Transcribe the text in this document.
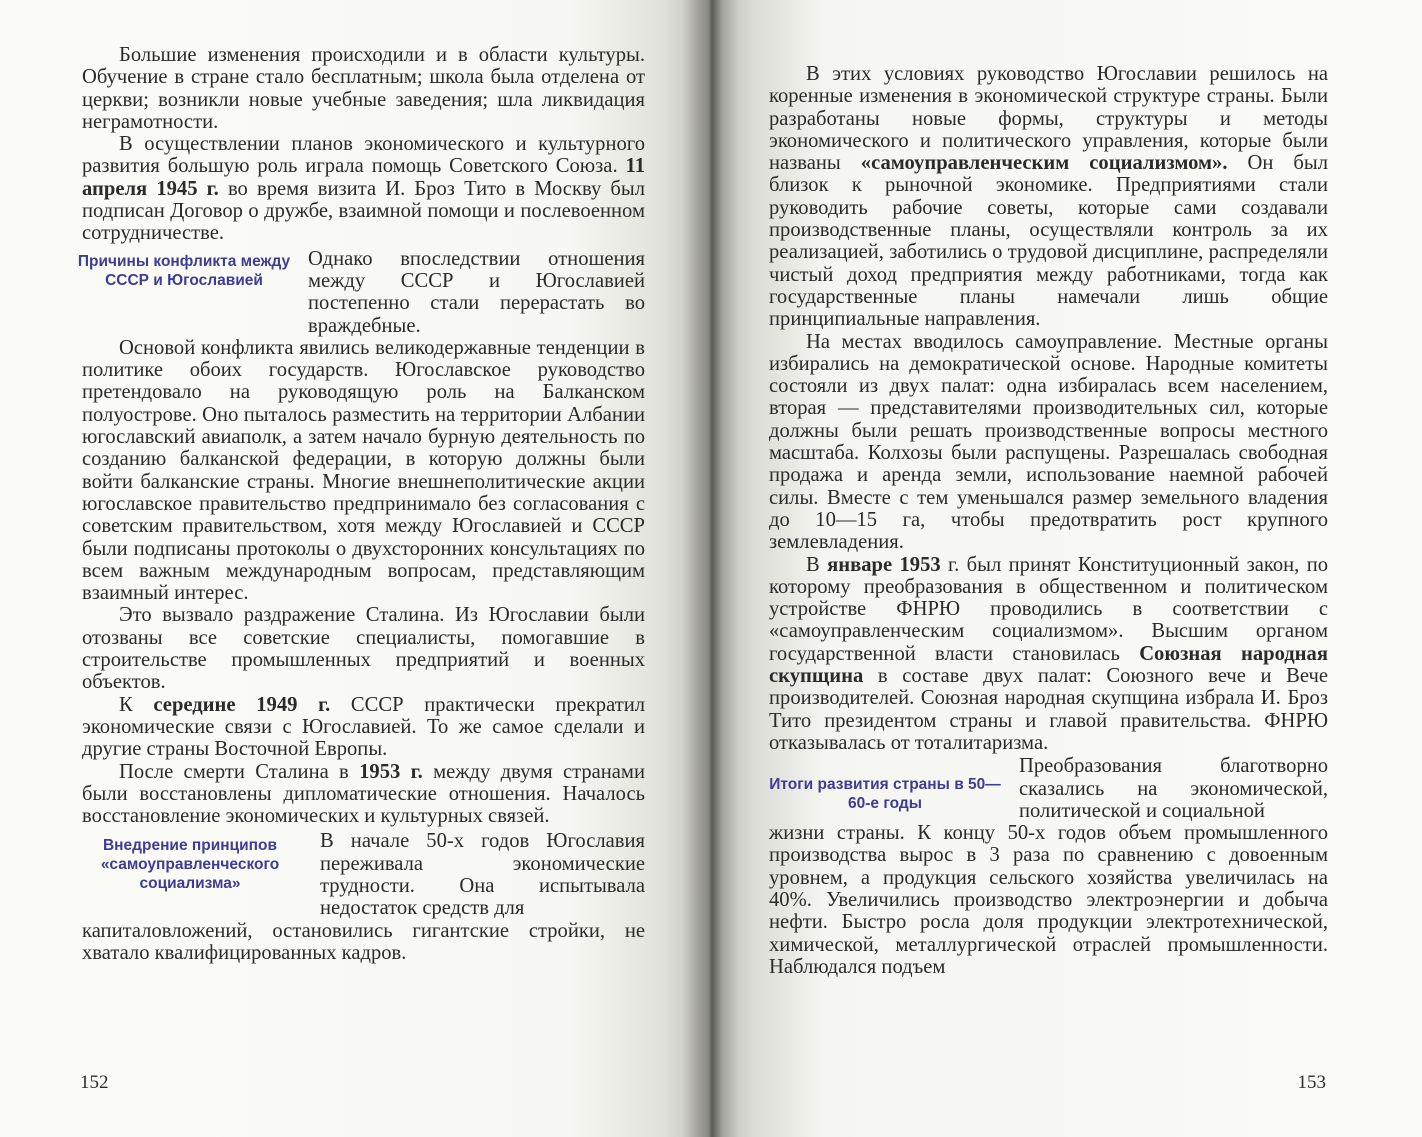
Большие изменения происходили и в области культуры. Обучение в стране стало бесплатным; школа была отделена от церкви; возникли новые учебные заведения; шла ликвидация неграмотности.

В осуществлении планов экономического и культурного развития большую роль играла помощь Советского Союза. 11 апреля 1945 г. во время визита И. Броз Тито в Москву был подписан Договор о дружбе, взаимной помощи и послевоенном сотрудничестве.

Причины конфликта между СССР и Югославией

Однако впоследствии отношения между СССР и Югославией постепенно стали перерастать во враждебные.

Основой конфликта явились великодержавные тенденции в политике обоих государств. Югославское руководство претендовало на руководящую роль на Балканском полуострове. Оно пыталось разместить на территории Албании югославский авиаполк, а затем начало бурную деятельность по созданию балканской федерации, в которую должны были войти балканские страны. Многие внешнеполитические акции югославское правительство предпринимало без согласования с советским правительством, хотя между Югославией и СССР были подписаны протоколы о двухсторонних консультациях по всем важным международным вопросам, представляющим взаимный интерес.

Это вызвало раздражение Сталина. Из Югославии были отозваны все советские специалисты, помогавшие в строительстве промышленных предприятий и военных объектов.

К середине 1949 г. СССР практически прекратил экономические связи с Югославией. То же самое сделали и другие страны Восточной Европы.

После смерти Сталина в 1953 г. между двумя странами были восстановлены дипломатические отношения. Началось восстановление экономических и культурных связей.

Внедрение принципов «самоуправленческого социализма»

В начале 50-х годов Югославия переживала экономические трудности. Она испытывала недостаток средств для

капиталовложений, остановились гигантские стройки, не хватало квалифицированных кадров.

152

В этих условиях руководство Югославии решилось на коренные изменения в экономической структуре страны. Были разработаны новые формы, структуры и методы экономического и политического управления, которые были названы «самоуправленческим социализмом». Он был близок к рыночной экономике. Предприятиями стали руководить рабочие советы, которые сами создавали производственные планы, осуществляли контроль за их реализацией, заботились о трудовой дисциплине, распределяли чистый доход предприятия между работниками, тогда как государственные планы намечали лишь общие принципиальные направления.

На местах вводилось самоуправление. Местные органы избирались на демократической основе. Народные комитеты состояли из двух палат: одна избиралась всем населением, вторая — представителями производительных сил, которые должны были решать производственные вопросы местного масштаба. Колхозы были распущены. Разрешалась свободная продажа и аренда земли, использование наемной рабочей силы. Вместе с тем уменьшался размер земельного владения до 10—15 га, чтобы предотвратить рост крупного землевладения.

В январе 1953 г. был принят Конституционный закон, по которому преобразования в общественном и политическом устройстве ФНРЮ проводились в соответствии с «самоуправленческим социализмом». Высшим органом государственной власти становилась Союзная народная скупщина в составе двух палат: Союзного вече и Вече производителей. Союзная народная скупщина избрала И. Броз Тито президентом страны и главой правительства. ФНРЮ отказывалась от тоталитаризма.

Итоги развития страны в 50—60-е годы

Преобразования благотворно сказались на экономической, политической и социальной

жизни страны. К концу 50-х годов объем промышленного производства вырос в 3 раза по сравнению с довоенным уровнем, а продукция сельского хозяйства увеличилась на 40%. Увеличились производство электроэнергии и добыча нефти. Быстро росла доля продукции электротехнической, химической, металлургической отраслей промышленности. Наблюдался подъем

153
